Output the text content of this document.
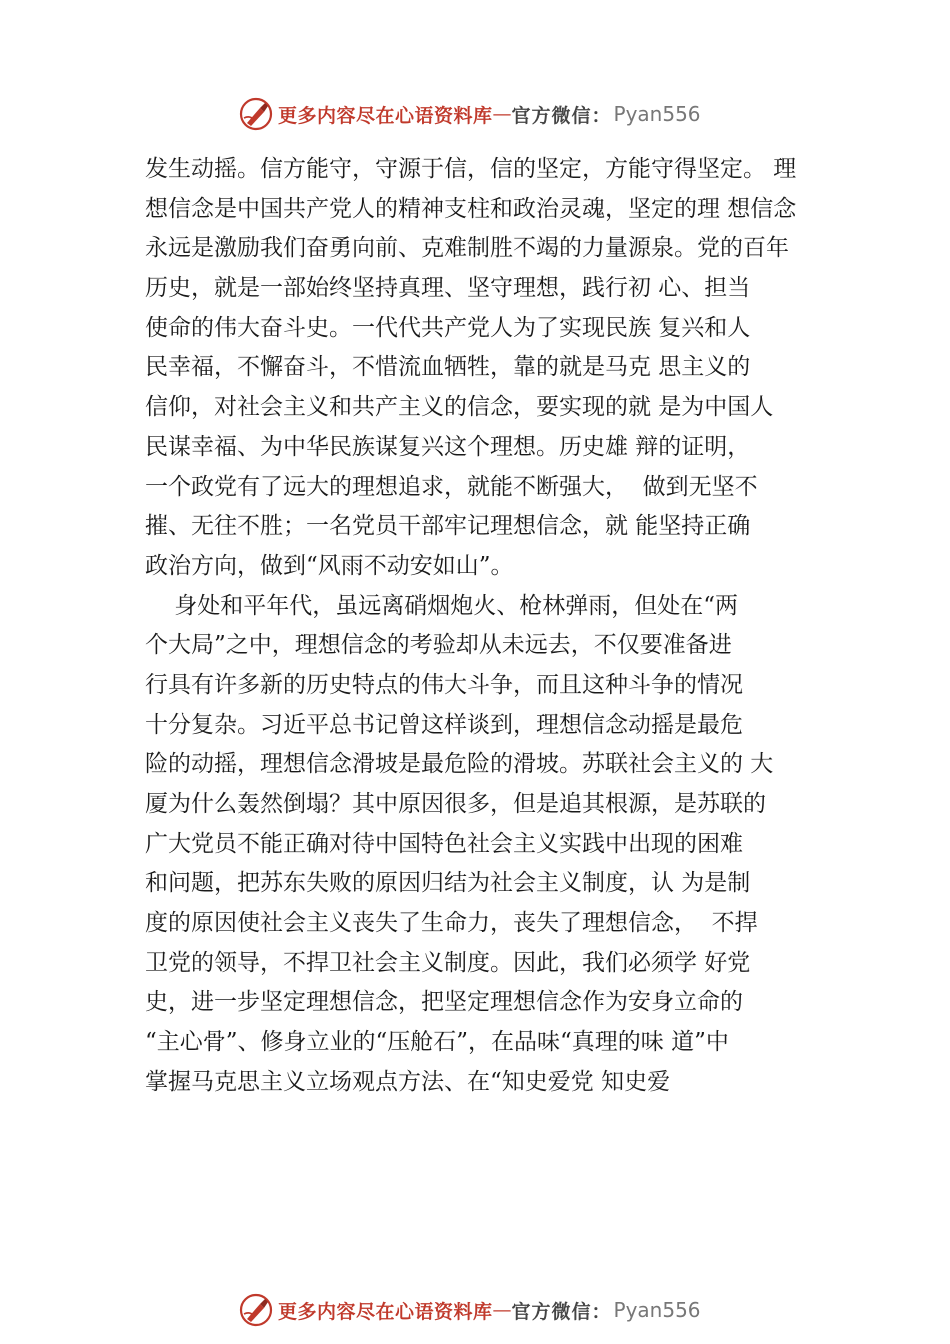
更多内容尽在心语资料库 — 官方微信： Pyan556
发生动摇。信方能守，守源于信，信的坚定，方能守得坚定。 理
想信念是中国共产党人的精神支柱和政治灵魂，坚定的理 想信念
永远是激励我们奋勇向前、克难制胜不竭的力量源泉。党的百年
历史，就是一部始终坚持真理、坚守理想，践行初 心、担当
使命的伟大奋斗史。一代代共产党人为了实现民族 复兴和人
民幸福，不懈奋斗，不惜流血牺牲，靠的就是马克 思主义的
信仰，对社会主义和共产主义的信念，要实现的就 是为中国人
民谋幸福、为中华民族谋复兴这个理想。历史雄 辩的证明，
一个政党有了远大的理想追求，就能不断强大，  做到无坚不
摧、无往不胜；一名党员干部牢记理想信念，就 能坚持正确
政治方向，做到“风雨不动安如山”。
身处和平年代，虽远离硝烟炮火、枪林弹雨，但处在“两
个大局”之中，理想信念的考验却从未远去，不仅要准备进
行具有许多新的历史特点的伟大斗争，而且这种斗争的情况
十分复杂。习近平总书记曾这样谈到，理想信念动摇是最危
险的动摇，理想信念滑坡是最危险的滑坡。苏联社会主义的 大
厦为什么轰然倒塌？其中原因很多，但是追其根源，是苏联的
广大党员不能正确对待中国特色社会主义实践中出现的困难
和问题，把苏东失败的原因归结为社会主义制度，认 为是制
度的原因使社会主义丧失了生命力，丧失了理想信念，  不捍
卫党的领导，不捍卫社会主义制度。因此，我们必须学 好党
史，进一步坚定理想信念，把坚定理想信念作为安身立命的
“主心骨”、修身立业的“压舱石”，在品味“真理的味 道”中
掌握马克思主义立场观点方法、在“知史爱党 知史爱
更多内容尽在心语资料库 — 官方微信： Pyan556
